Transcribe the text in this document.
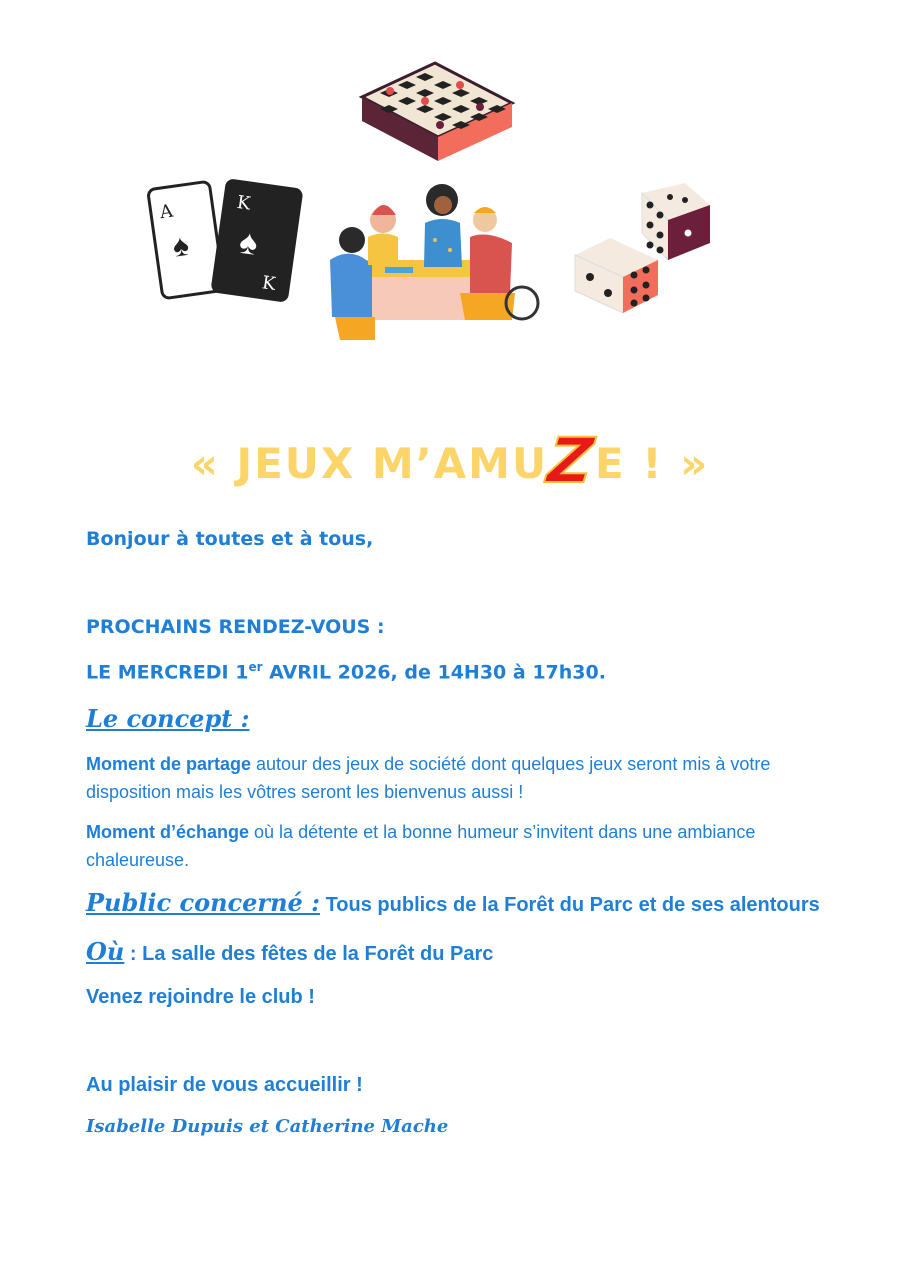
A
♠
K
♠
K
« JEUX M’AMUZE ! »

Bonjour à toutes et à tous,

PROCHAINS RENDEZ-VOUS :

LE MERCREDI 1er AVRIL 2026, de 14H30 à 17h30.

Le concept :

Moment de partage autour des jeux de société dont quelques jeux seront mis à votre disposition mais les vôtres seront les bienvenus aussi !

Moment d’échange où la détente et la bonne humeur s’invitent dans une ambiance chaleureuse.

Public concerné : Tous publics de la Forêt du Parc et de ses alentours

Où : La salle des fêtes de la Forêt du Parc

Venez rejoindre le club !

Au plaisir de vous accueillir !

Isabelle Dupuis et Catherine Mache
